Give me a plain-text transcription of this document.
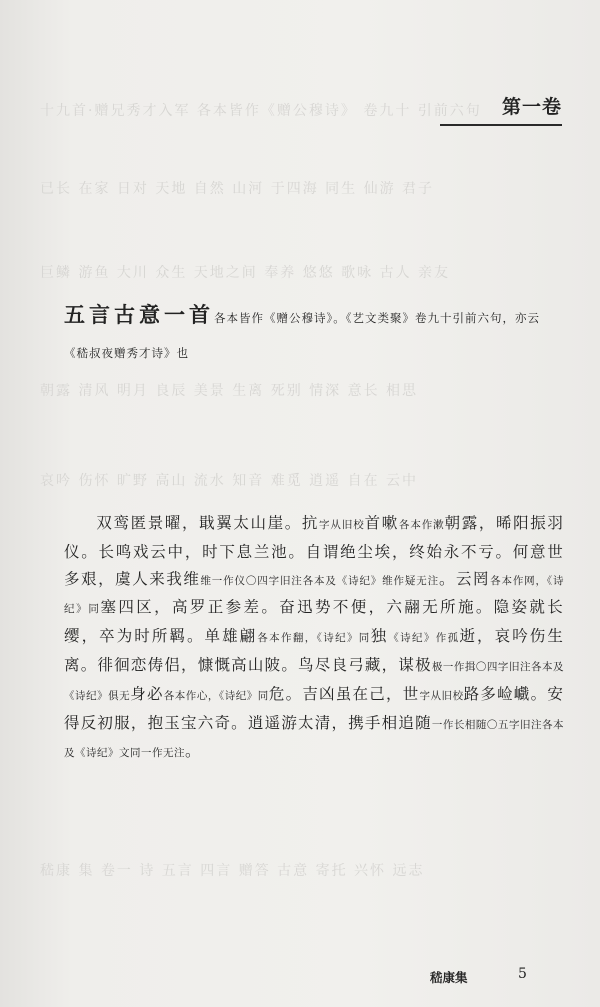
十九首·赠兄秀才入军 各本皆作《赠公穆诗》 卷九十 引前六句
已长 在家 日对 天地 自然 山河 于四海 同生 仙游 君子
巨鳞 游鱼 大川 众生 天地之间 奉养 悠悠 歌咏 古人 亲友
朝露 清风 明月 良辰 美景 生离 死别 情深 意长 相思
哀吟 伤怀 旷野 高山 流水 知音 难觅 逍遥 自在 云中
嵇康 集 卷一 诗 五言 四言 赠答 古意 寄托 兴怀 远志
第一卷
五言古意一首各本皆作《赠公穆诗》。《艺文类聚》卷九十引前六句，亦云《嵇叔夜赠秀才诗》也
双鸾匿景曜，戢翼太山崖。抗字从旧校首嗽各本作漱朝露，晞阳振羽仪。长鸣戏云中，时下息兰池。自谓绝尘埃，终始永不亏。何意世多艰，虞人来我维维一作仪〇四字旧注各本及《诗纪》维作疑无注。云罔各本作网，《诗纪》同塞四区，高罗正参差。奋迅势不便，六翮无所施。隐姿就长缨，卒为时所羁。单雄翩各本作翻，《诗纪》同独《诗纪》作孤逝，哀吟伤生离。徘徊恋俦侣，慷慨高山陂。鸟尽良弓藏，谋极极一作揖〇四字旧注各本及《诗纪》俱无身必各本作心，《诗纪》同危。吉凶虽在己，世字从旧校路多崄巇。安得反初服，抱玉宝六奇。逍遥游太清，携手相追随一作长相随〇五字旧注各本及《诗纪》文同一作无注。
嵇康集	5
